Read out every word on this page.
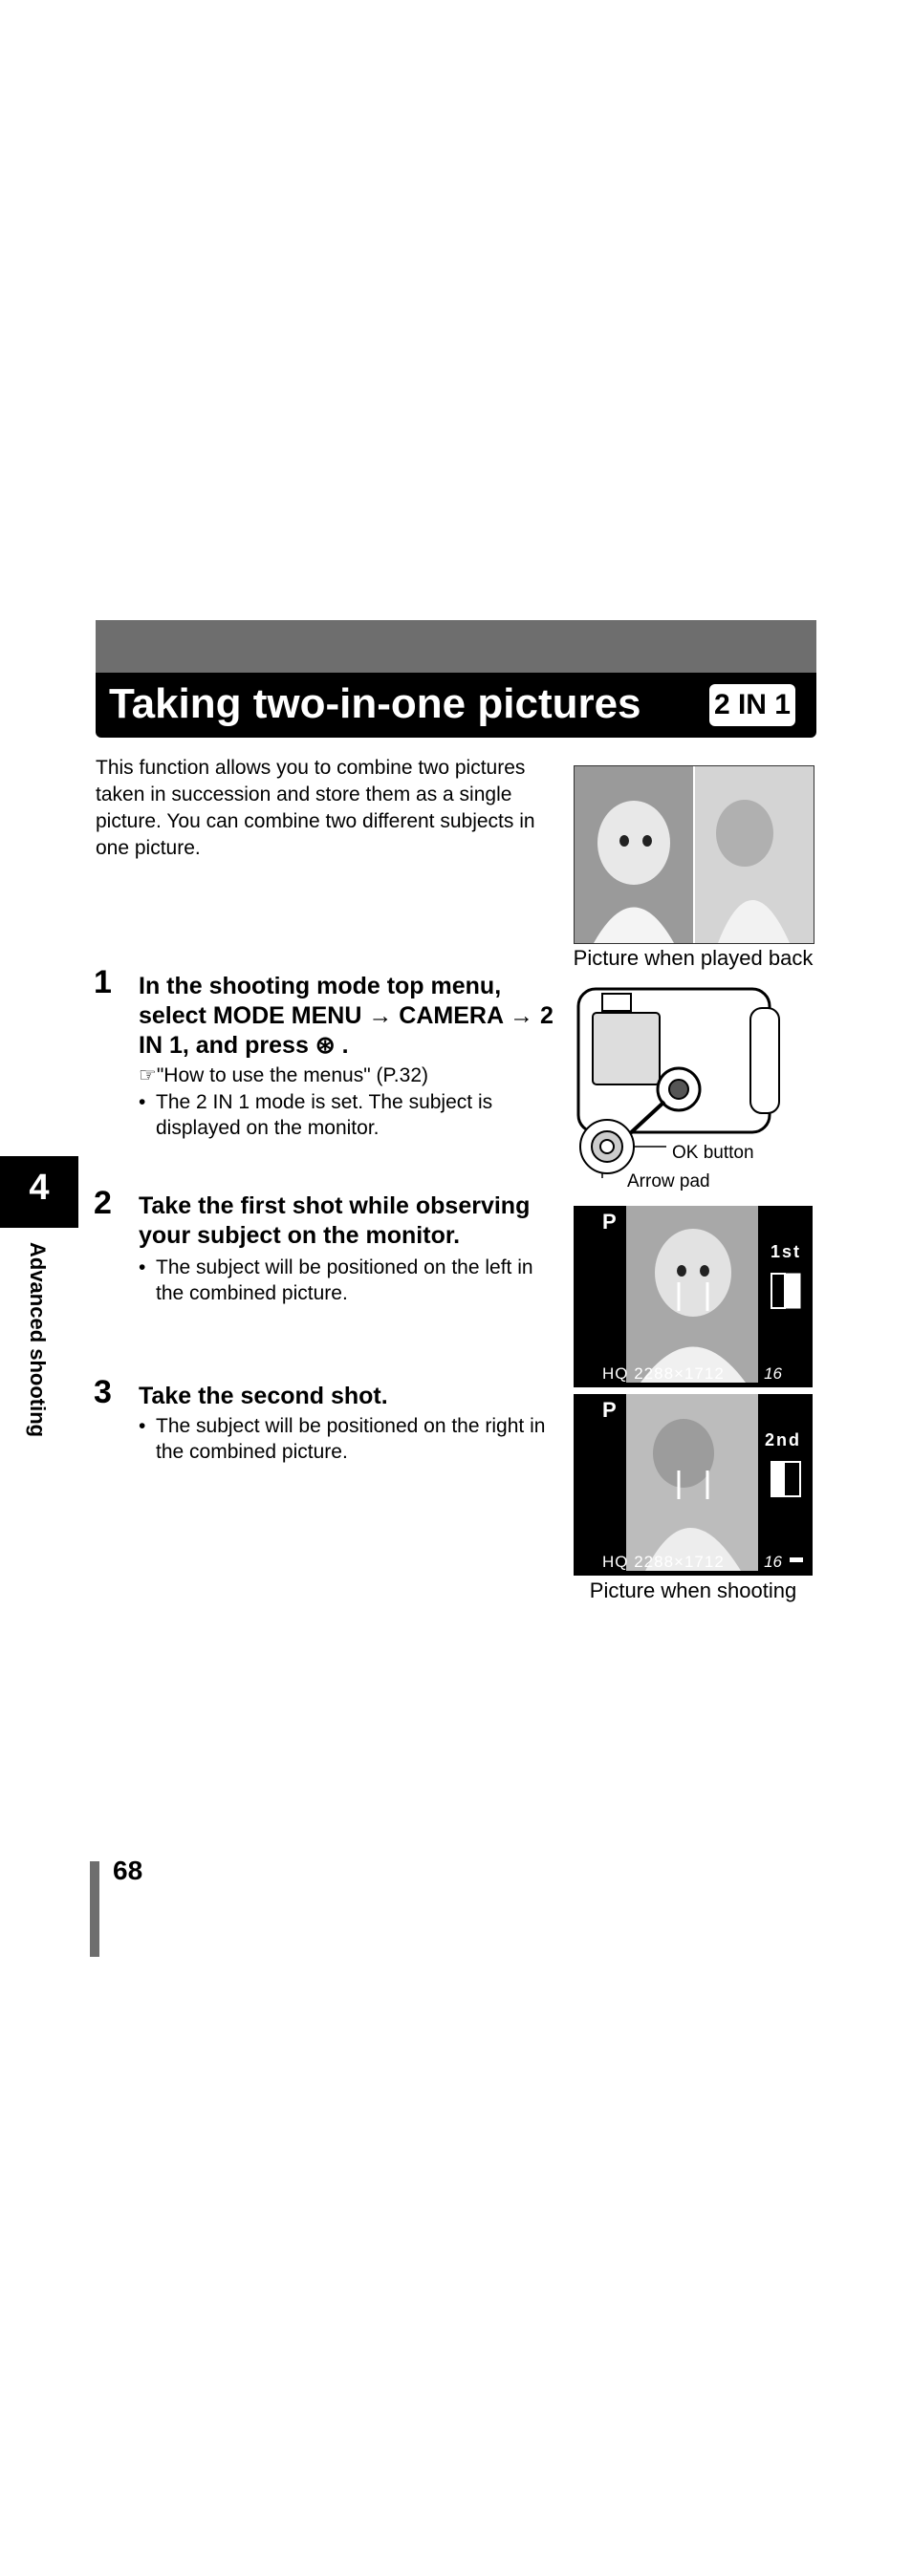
Taking two-in-one pictures	2 IN 1
This function allows you to combine two pictures taken in succession and store them as a single picture. You can combine two different subjects in one picture.
Picture when played back
OK button
Arrow pad
1 In the shooting mode top menu, select MODE MENU → CAMERA → 2 IN 1, and press ⊛ .
☞"How to use the menus" (P.32)
• The 2 IN 1 mode is set. The subject is displayed on the monitor.
4
Advanced shooting
2 Take the first shot while observing your subject on the monitor.
• The subject will be positioned on the left in the combined picture.
P
1st
HQ 2288×1712 16
3 Take the second shot.
• The subject will be positioned on the right in the combined picture.
P
2nd
HQ 2288×1712 16
Picture when shooting
68
